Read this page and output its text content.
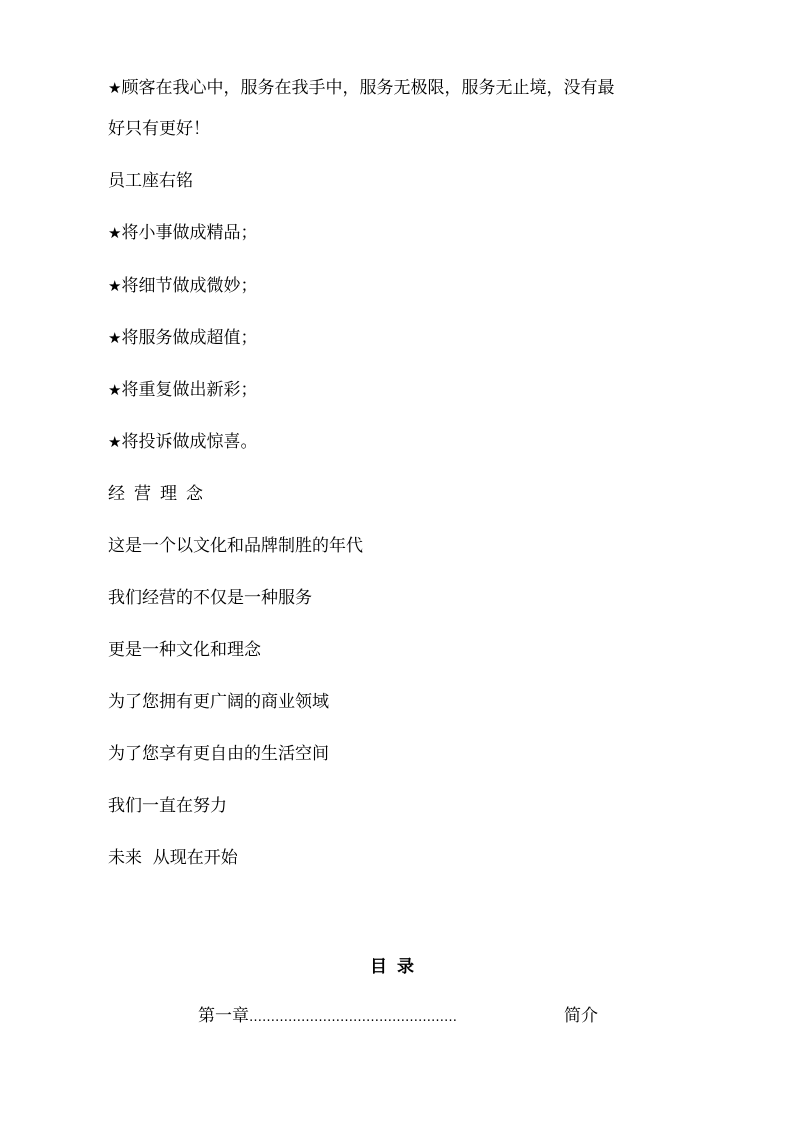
★顾客在我心中，服务在我手中，服务无极限，服务无止境，没有最
好只有更好！
员工座右铭
★将小事做成精品；
★将细节做成微妙；
★将服务做成超值；
★将重复做出新彩；
★将投诉做成惊喜。
经营理念
这是一个以文化和品牌制胜的年代
我们经营的不仅是一种服务
更是一种文化和理念
为了您拥有更广阔的商业领域
为了您享有更自由的生活空间
我们一直在努力
未来  从现在开始
目录
第一章 …………………………………………	简介
